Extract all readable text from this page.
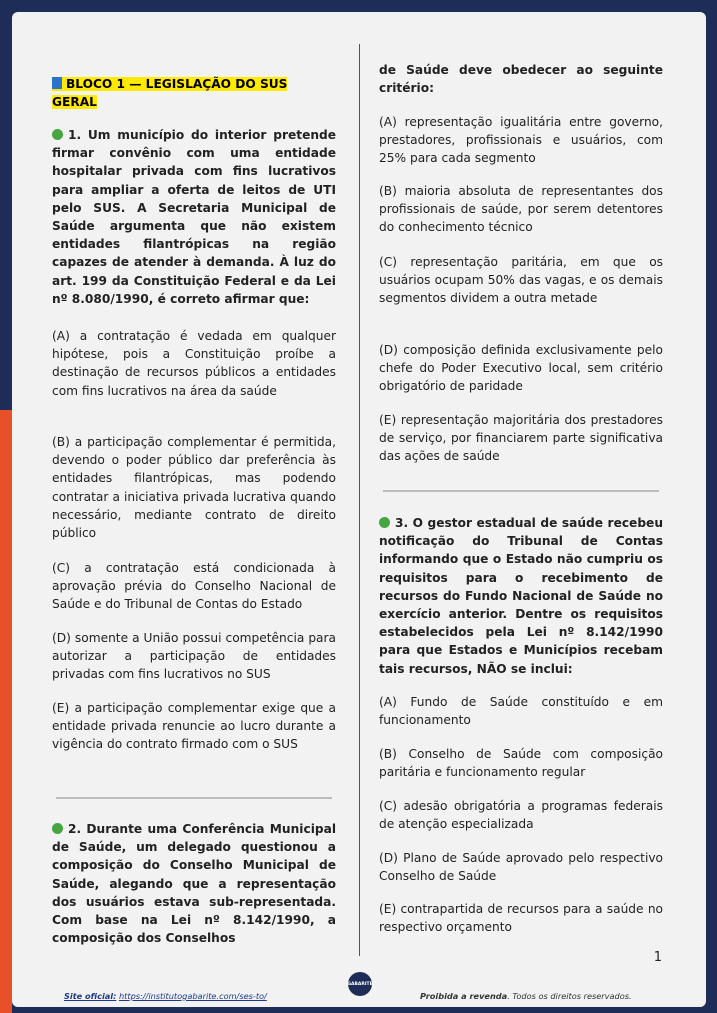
BLOCO 1 — LEGISLAÇÃO DO SUS GERAL

1. Um município do interior pretende firmar convênio com uma entidade hospitalar privada com fins lucrativos para ampliar a oferta de leitos de UTI pelo SUS. A Secretaria Municipal de Saúde argumenta que não existem entidades filantrópicas na região capazes de atender à demanda. À luz do art. 199 da Constituição Federal e da Lei nº 8.080/1990, é correto afirmar que:

(A) a contratação é vedada em qualquer hipótese, pois a Constituição proíbe a destinação de recursos públicos a entidades com fins lucrativos na área da saúde

(B) a participação complementar é permitida, devendo o poder público dar preferência às entidades filantrópicas, mas podendo contratar a iniciativa privada lucrativa quando necessário, mediante contrato de direito público

(C) a contratação está condicionada à aprovação prévia do Conselho Nacional de Saúde e do Tribunal de Contas do Estado

(D) somente a União possui competência para autorizar a participação de entidades privadas com fins lucrativos no SUS

(E) a participação complementar exige que a entidade privada renuncie ao lucro durante a vigência do contrato firmado com o SUS

2. Durante uma Conferência Municipal de Saúde, um delegado questionou a composição do Conselho Municipal de Saúde, alegando que a representação dos usuários estava sub-representada. Com base na Lei nº 8.142/1990, a composição dos Conselhos

de Saúde deve obedecer ao seguinte critério:

(A) representação igualitária entre governo, prestadores, profissionais e usuários, com 25% para cada segmento

(B) maioria absoluta de representantes dos profissionais de saúde, por serem detentores do conhecimento técnico

(C) representação paritária, em que os usuários ocupam 50% das vagas, e os demais segmentos dividem a outra metade

(D) composição definida exclusivamente pelo chefe do Poder Executivo local, sem critério obrigatório de paridade

(E) representação majoritária dos prestadores de serviço, por financiarem parte significativa das ações de saúde

3. O gestor estadual de saúde recebeu notificação do Tribunal de Contas informando que o Estado não cumpriu os requisitos para o recebimento de recursos do Fundo Nacional de Saúde no exercício anterior. Dentre os requisitos estabelecidos pela Lei nº 8.142/1990 para que Estados e Municípios recebam tais recursos, NÃO se inclui:

(A) Fundo de Saúde constituído e em funcionamento

(B) Conselho de Saúde com composição paritária e funcionamento regular

(C) adesão obrigatória a programas federais de atenção especializada

(D) Plano de Saúde aprovado pelo respectivo Conselho de Saúde

(E) contrapartida de recursos para a saúde no respectivo orçamento

1
GABARITE
Site oficial: https://institutogabarite.com/ses-to/	Proibida a revenda. Todos os direitos reservados.
